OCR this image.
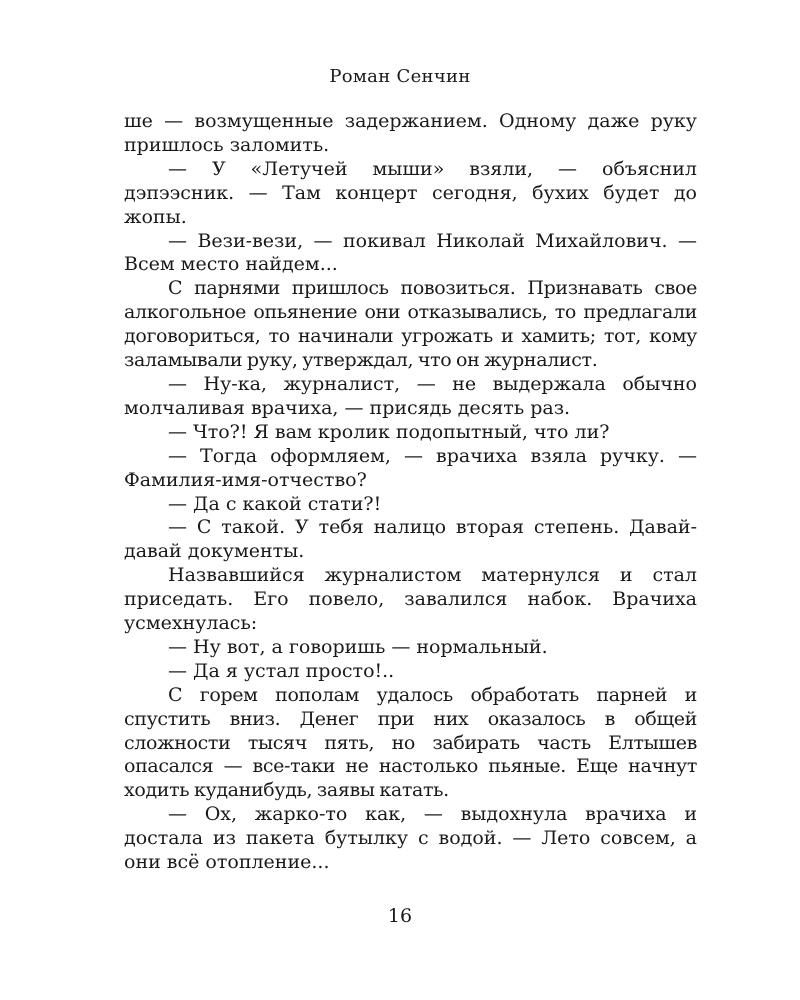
Роман Сенчин

ше — возмущенные задержанием. Одному даже руку пришлось заломить.

— У «Летучей мыши» взяли, — объяснил дэпээсник. — Там концерт сегодня, бухих будет до жопы.

— Вези-вези, — покивал Николай Михайлович. — Всем место найдем...

С парнями пришлось повозиться. Признавать свое алкогольное опьянение они отказывались, то предлагали договориться, то начинали угрожать и хамить; тот, кому заламывали руку, утверждал, что он журналист.

— Ну-ка, журналист, — не выдержала обычно молчаливая врачиха, — присядь десять раз.

— Что?! Я вам кролик подопытный, что ли?

— Тогда оформляем, — врачиха взяла ручку. — Фамилия-имя-отчество?

— Да с какой стати?!

— С такой. У тебя налицо вторая степень. Давай-давай документы.

Назвавшийся журналистом матернулся и стал приседать. Его повело, завалился набок. Врачиха усмехнулась:

— Ну вот, а говоришь — нормальный.

— Да я устал просто!..

С горем пополам удалось обработать парней и спустить вниз. Денег при них оказалось в общей сложности тысяч пять, но забирать часть Елтышев опасался — все-таки не настолько пьяные. Еще начнут ходить куданибудь, заявы катать.

— Ох, жарко-то как, — выдохнула врачиха и достала из пакета бутылку с водой. — Лето совсем, а они всё отопление...

16
